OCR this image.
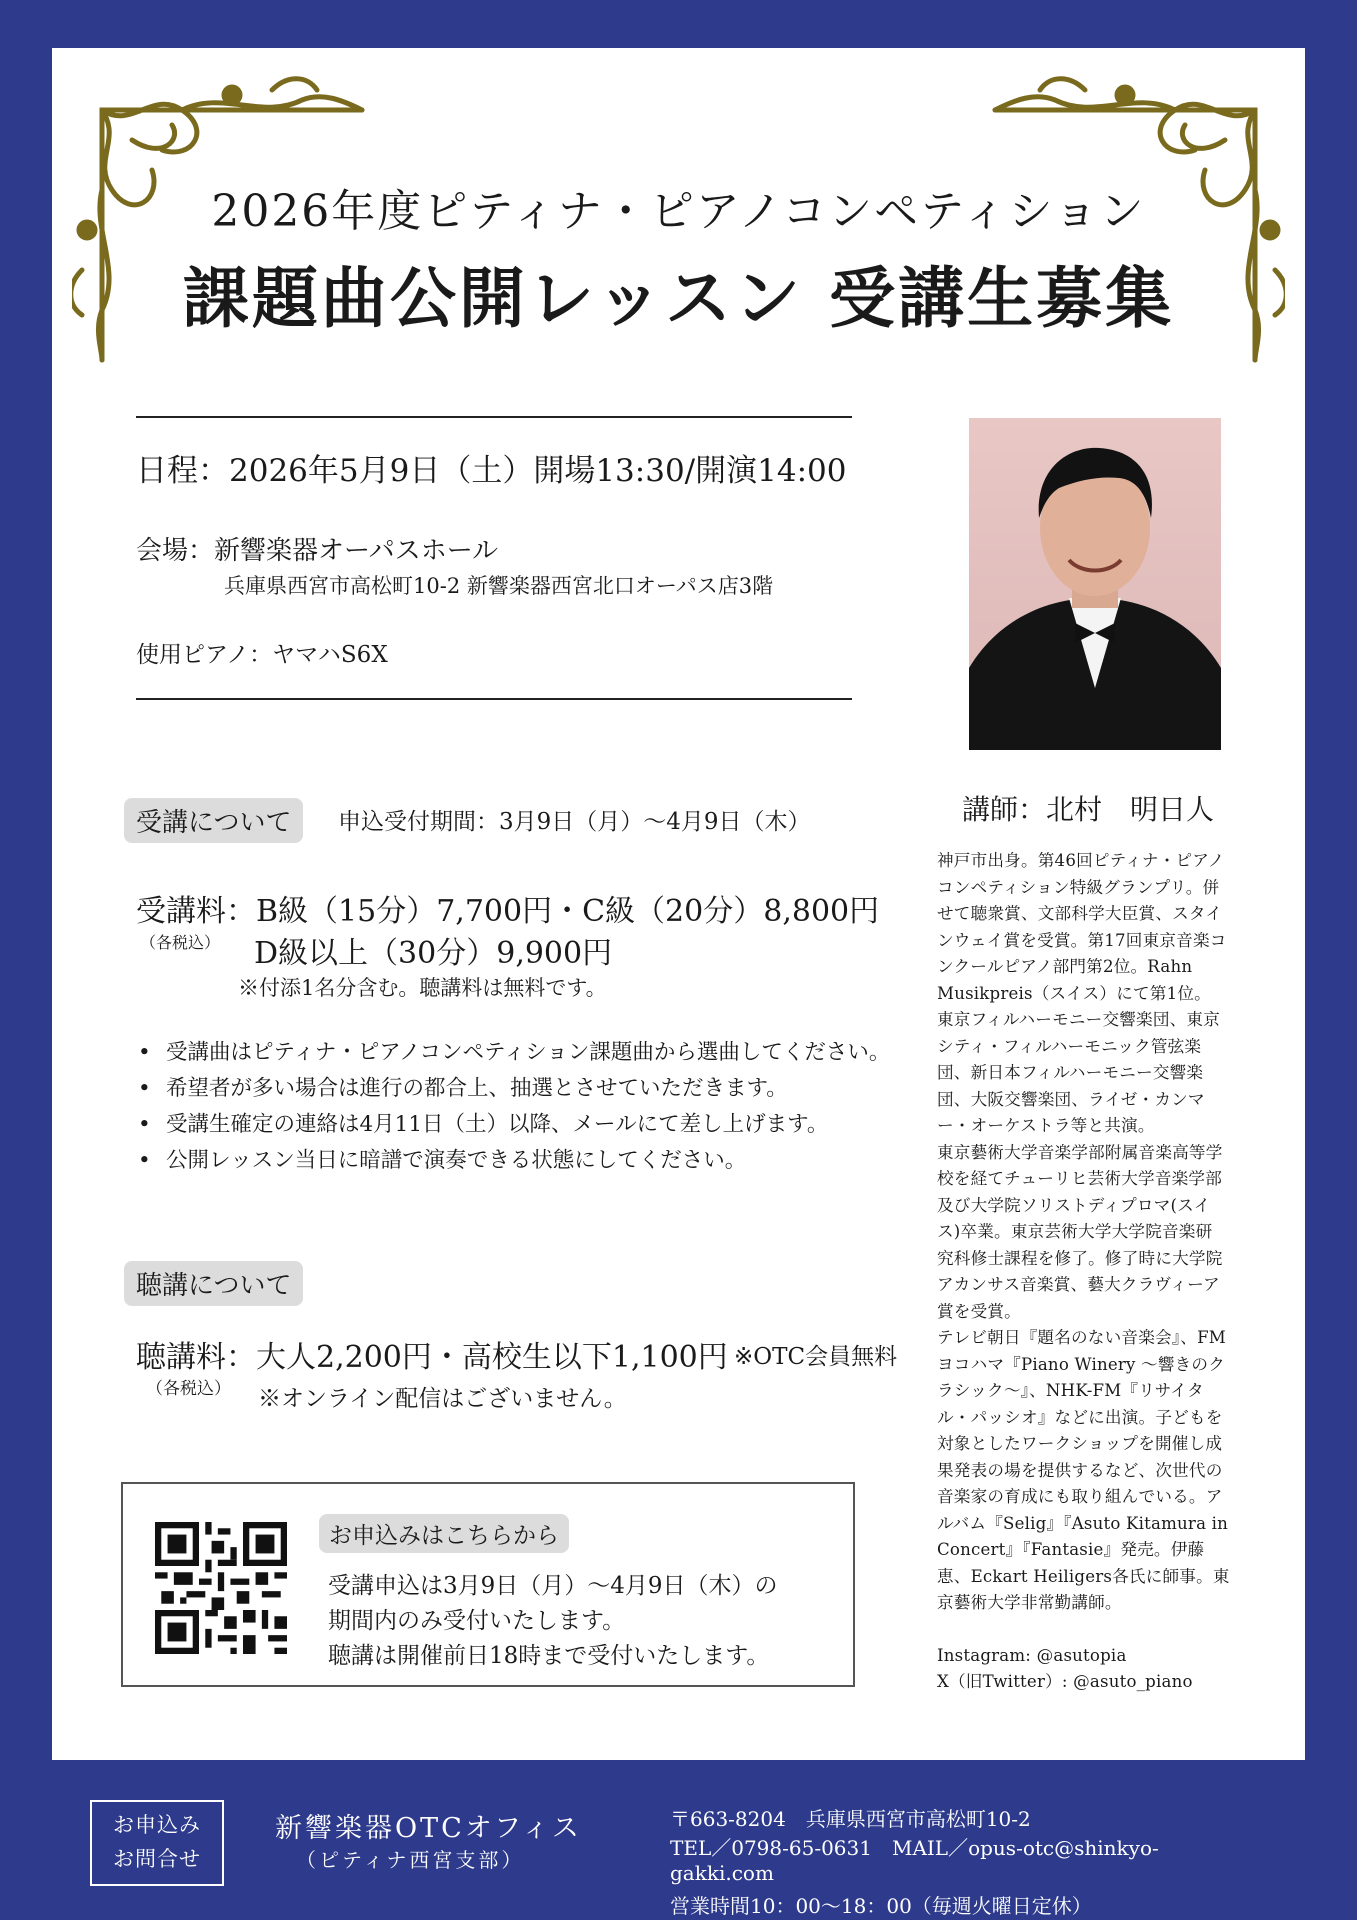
2026年度ピティナ・ピアノコンペティション
課題曲公開レッスン 受講生募集
日程：2026年5月9日（土）開場13:30/開演14:00
会場：新響楽器オーパスホール
兵庫県西宮市高松町10-2 新響楽器西宮北口オーパス店3階
使用ピアノ：ヤマハS6X
受講について	申込受付期間：3月9日（月）～4月9日（木）
受講料：B級（15分）7,700円・C級（20分）8,800円
（各税込） D級以上（30分）9,900円
※付添1名分含む。聴講料は無料です。
• 受講曲はピティナ・ピアノコンペティション課題曲から選曲してください。
• 希望者が多い場合は進行の都合上、抽選とさせていただきます。
• 受講生確定の連絡は4月11日（土）以降、メールにて差し上げます。
• 公開レッスン当日に暗譜で演奏できる状態にしてください。
聴講について
聴講料：大人2,200円・高校生以下1,100円 ※OTC会員無料
（各税込） ※オンライン配信はございません。
お申込みはこちらから
受講申込は3月9日（月）～4月9日（木）の
期間内のみ受付いたします。
聴講は開催前日18時まで受付いたします。
講師：北村　明日人
神戸市出身。第46回ピティナ・ピアノ
コンペティション特級グランプリ。併
せて聴衆賞、文部科学大臣賞、スタイ
ンウェイ賞を受賞。第17回東京音楽コ
ンクールピアノ部門第2位。Rahn
Musikpreis（スイス）にて第1位。
東京フィルハーモニー交響楽団、東京
シティ・フィルハーモニック管弦楽
団、新日本フィルハーモニー交響楽
団、大阪交響楽団、ライゼ・カンマ
ー・オーケストラ等と共演。
東京藝術大学音楽学部附属音楽高等学
校を経てチューリヒ芸術大学音楽学部
及び大学院ソリストディプロマ(スイ
ス)卒業。東京芸術大学大学院音楽研
究科修士課程を修了。修了時に大学院
アカンサス音楽賞、藝大クラヴィーア
賞を受賞。
テレビ朝日『題名のない音楽会』、FM
ヨコハマ『Piano Winery ～響きのク
ラシック～』、NHK-FM『リサイタ
ル・パッシオ』などに出演。子どもを
対象としたワークショップを開催し成
果発表の場を提供するなど、次世代の
音楽家の育成にも取り組んでいる。ア
ルバム『Selig』『Asuto Kitamura in
Concert』『Fantasie』発売。伊藤
恵、Eckart Heiligers各氏に師事。東
京藝術大学非常勤講師。
Instagram: @asutopia
X（旧Twitter）: @asuto_piano
お申込み
お問合せ
新響楽器OTCオフィス
（ピティナ西宮支部）
〒663-8204　兵庫県西宮市高松町10-2
TEL／0798-65-0631　MAIL／opus-otc@shinkyo-
gakki.com
営業時間10：00～18：00（毎週火曜日定休）
